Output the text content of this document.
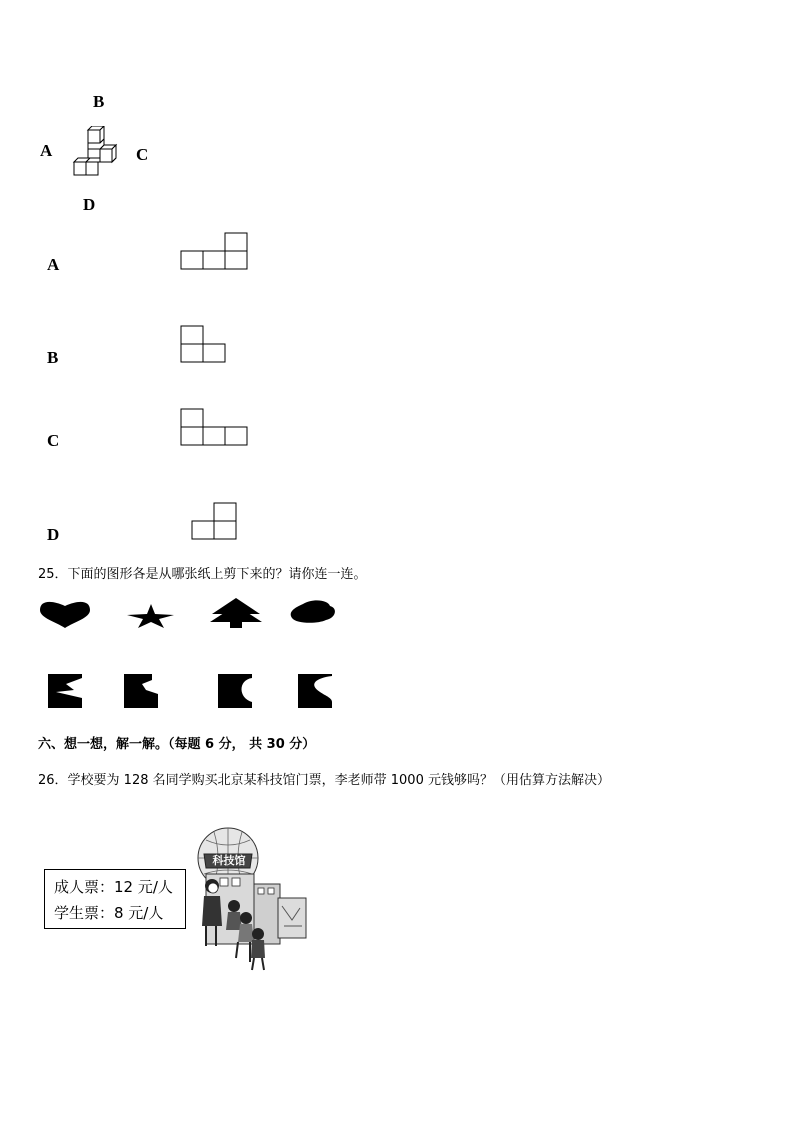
B
A	C
D
A
B
C
D
25．下面的图形各是从哪张纸上剪下来的？请你连一连。
六、想一想，解一解。（每题 6 分， 共 30 分）
26．学校要为 128 名同学购买北京某科技馆门票，李老师带 1000 元钱够吗？（用估算方法解决）
成人票：12 元/人
学生票：8 元/人
科技馆
